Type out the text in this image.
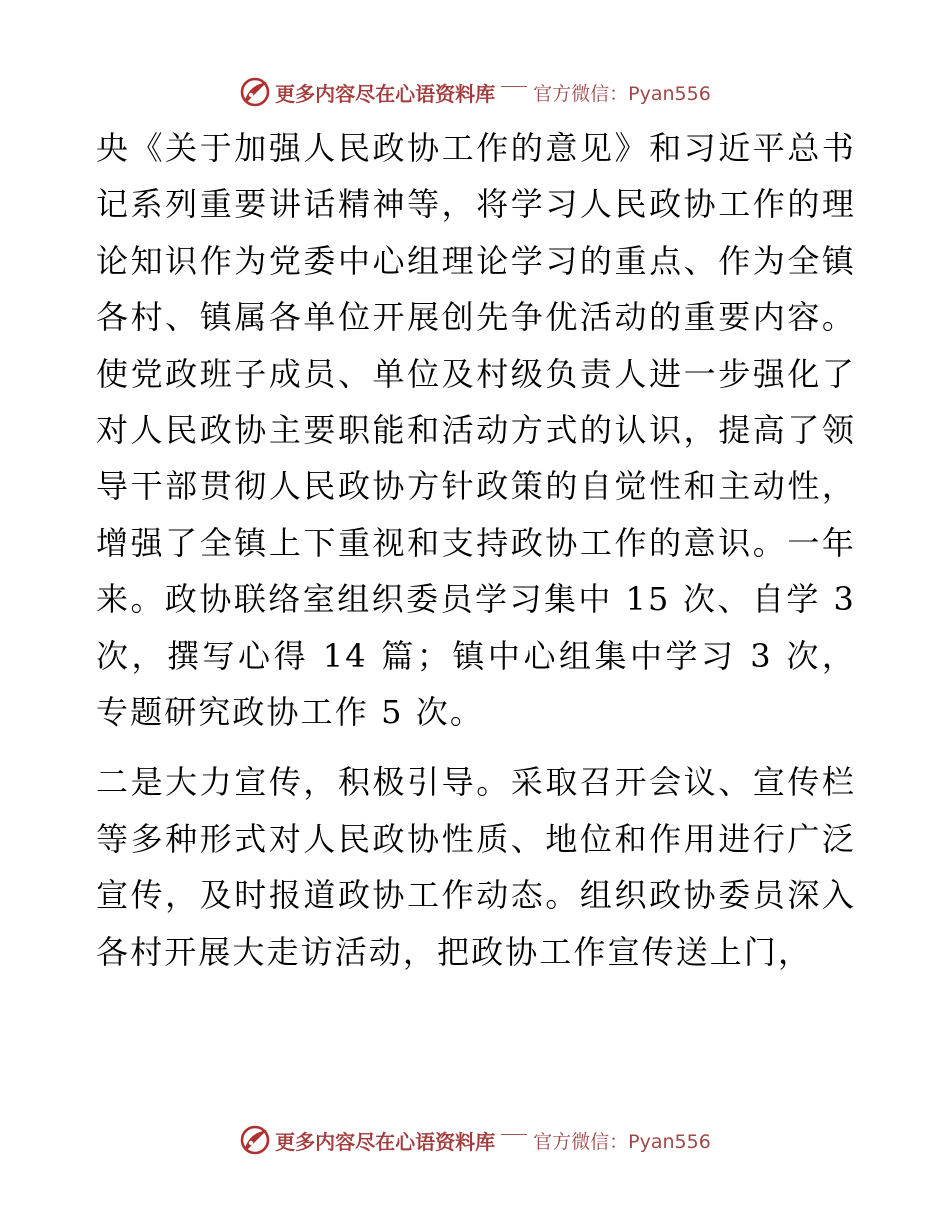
更多内容尽在心语资料库 官方微信：Pyan556

央《关于加强人民政协工作的意见》和习近平总书记系列重要讲话精神等，将学习人民政协工作的理论知识作为党委中心组理论学习的重点、作为全镇各村、镇属各单位开展创先争优活动的重要内容。使党政班子成员、单位及村级负责人进一步强化了对人民政协主要职能和活动方式的认识，提高了领导干部贯彻人民政协方针政策的自觉性和主动性，增强了全镇上下重视和支持政协工作的意识。一年来。政协联络室组织委员学习集中 15 次、自学 3 次，撰写心得 14 篇；镇中心组集中学习 3 次，专题研究政协工作 5 次。

二是大力宣传，积极引导。采取召开会议、宣传栏等多种形式对人民政协性质、地位和作用进行广泛宣传，及时报道政协工作动态。组织政协委员深入各村开展大走访活动，把政协工作宣传送上门，

更多内容尽在心语资料库 官方微信：Pyan556
